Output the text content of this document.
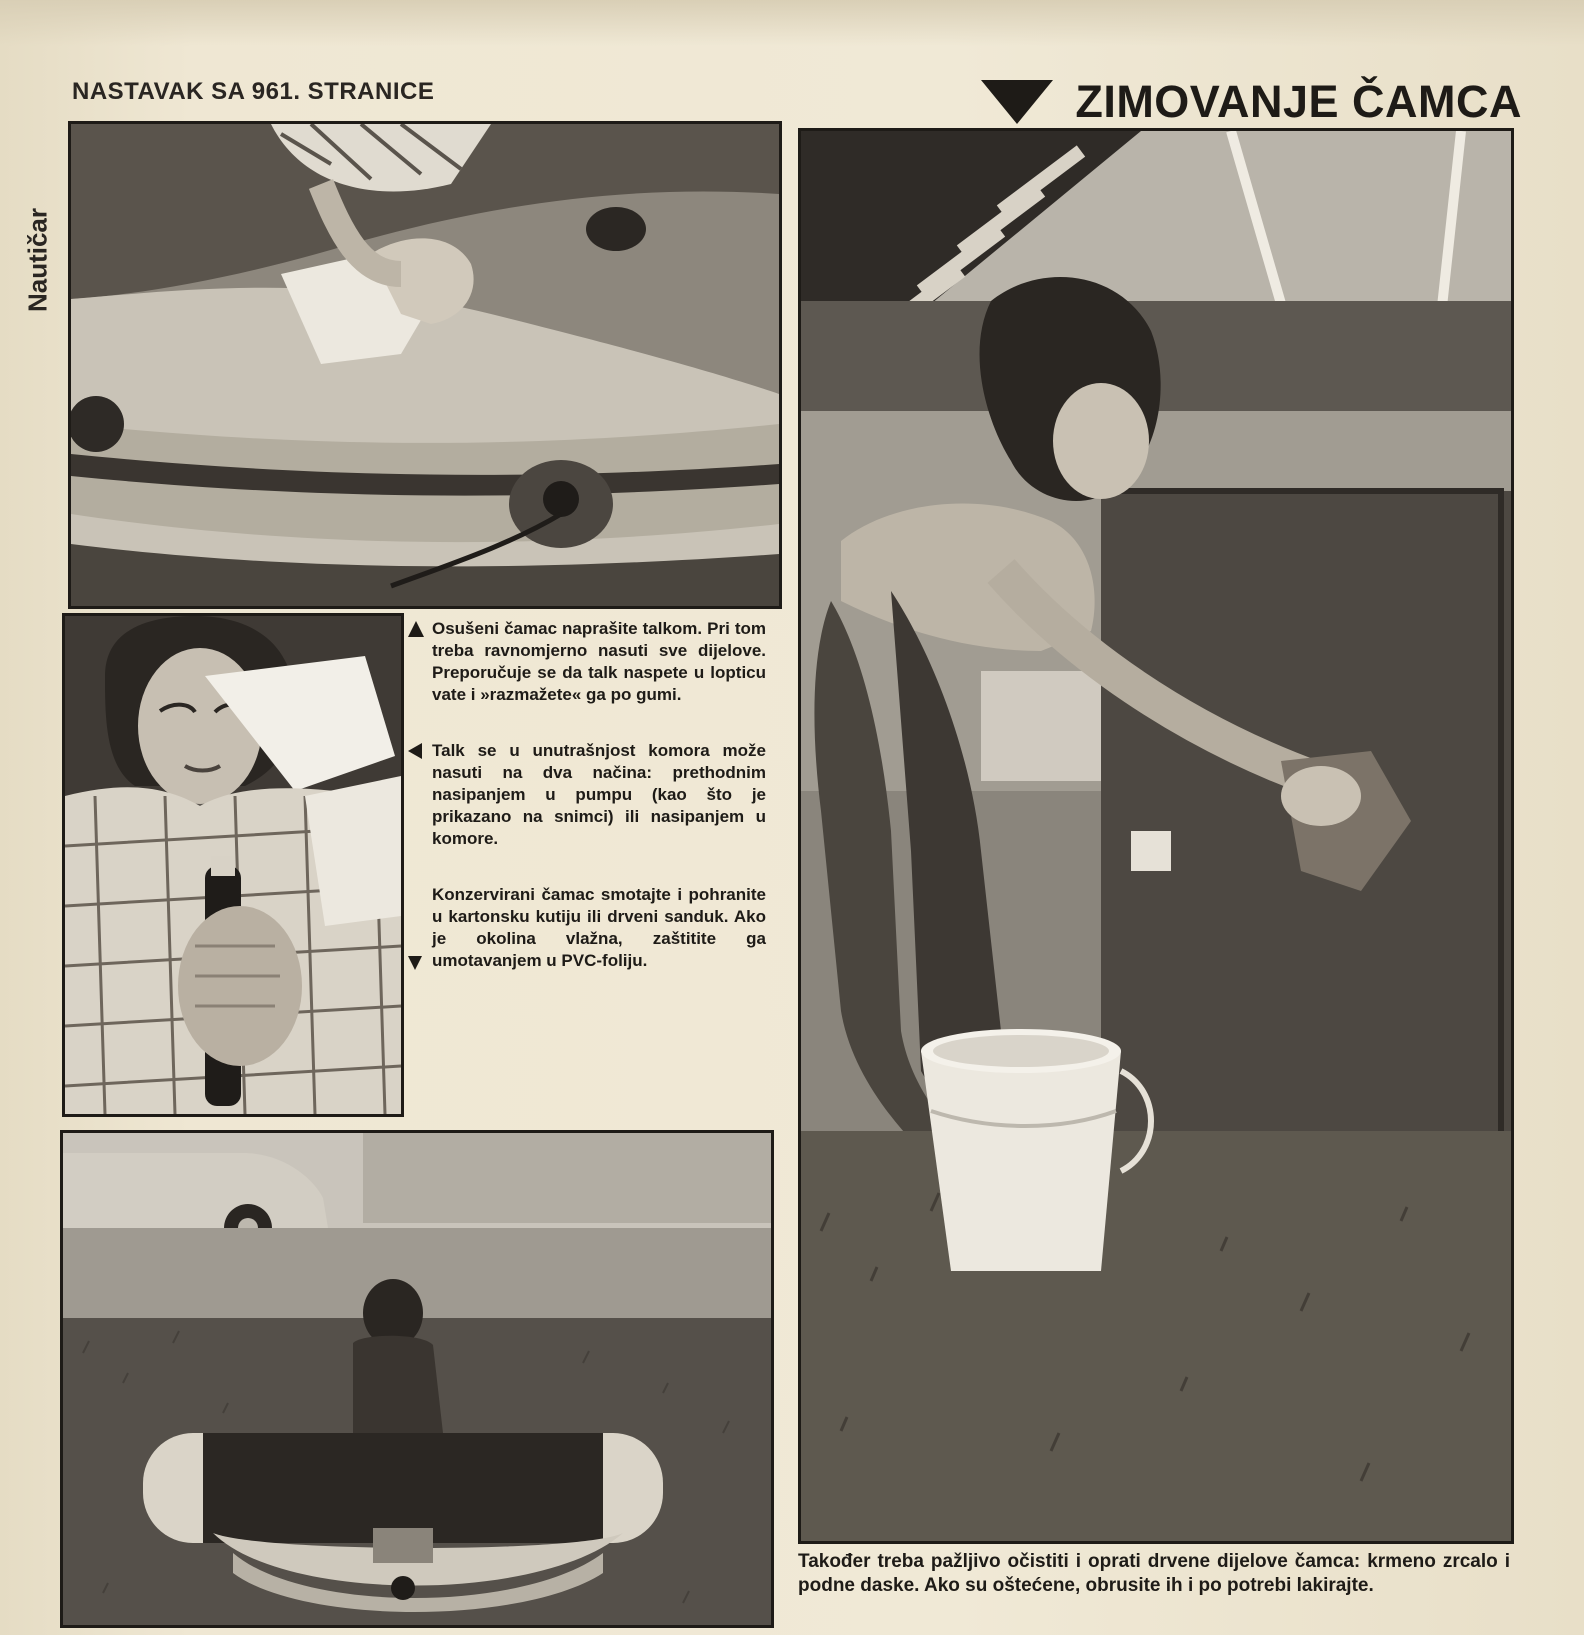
NASTAVAK SA 961. STRANICE	ZIMOVANJE ČAMCA
Nautičar
Osušeni čamac naprašite talkom. Pri tom treba ravnomjerno nasuti sve dijelove. Preporučuje se da talk naspete u lopticu vate i »razmažete« ga po gumi.
Talk se u unutrašnjost komora može nasuti na dva načina: prethodnim nasipanjem u pumpu (kao što je prikazano na snimci) ili nasipanjem u komore.
Konzervirani čamac smotajte i pohranite u kartonsku kutiju ili drveni sanduk. Ako je okolina vlažna, zaštitite ga umotavanjem u PVC-foliju.
Također treba pažljivo očistiti i oprati drvene dijelove čamca: krmeno zrcalo i podne daske. Ako su oštećene, obrusite ih i po potrebi lakirajte.
